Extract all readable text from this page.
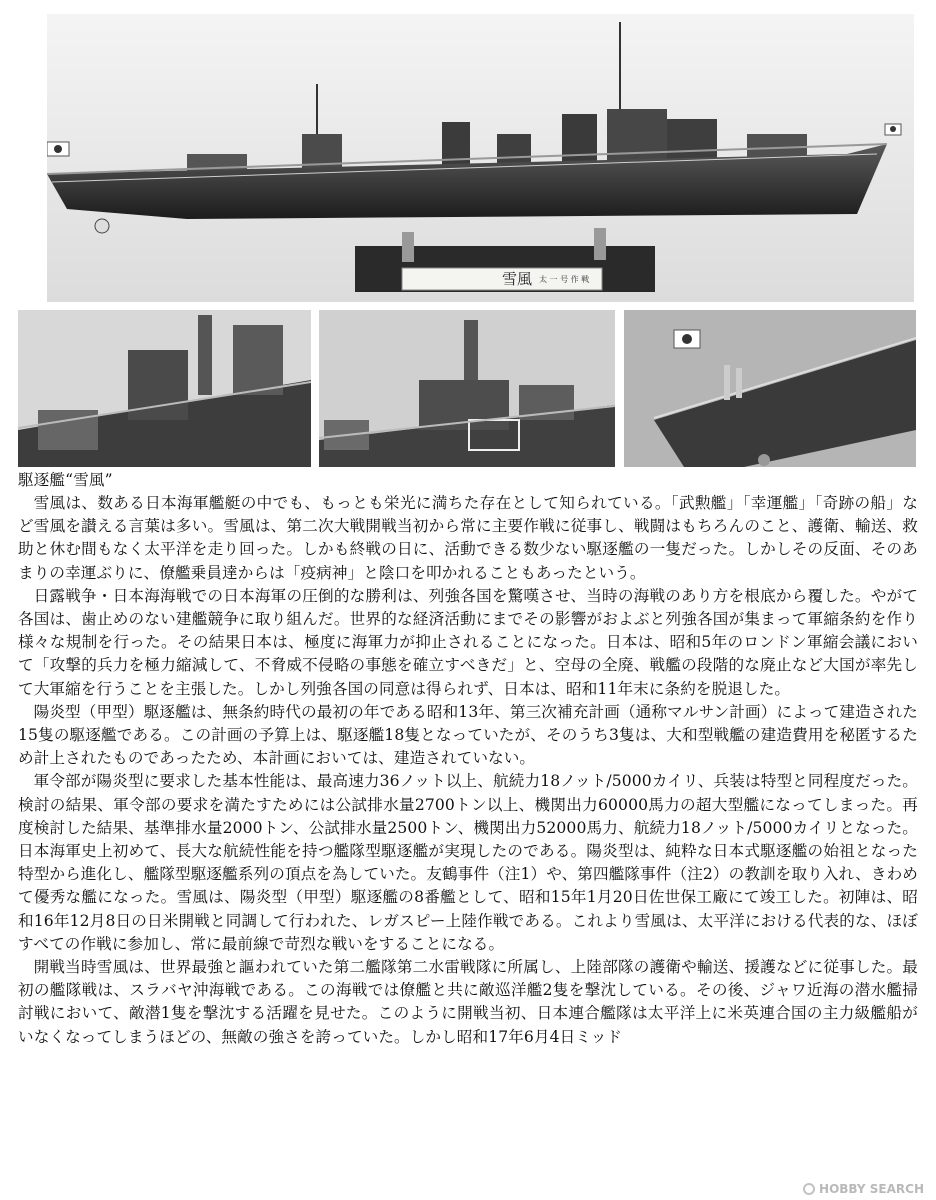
雪風 太 一 号 作 戦
駆逐艦“雪風”

雪風は、数ある日本海軍艦艇の中でも、もっとも栄光に満ちた存在として知られている。「武勲艦」「幸運艦」「奇跡の船」など雪風を讃える言葉は多い。雪風は、第二次大戦開戦当初から常に主要作戦に従事し、戦闘はもちろんのこと、護衛、輸送、救助と休む間もなく太平洋を走り回った。しかも終戦の日に、活動できる数少ない駆逐艦の一隻だった。しかしその反面、そのあまりの幸運ぶりに、僚艦乗員達からは「疫病神」と陰口を叩かれることもあったという。

日露戦争・日本海海戦での日本海軍の圧倒的な勝利は、列強各国を驚嘆させ、当時の海戦のあり方を根底から覆した。やがて各国は、歯止めのない建艦競争に取り組んだ。世界的な経済活動にまでその影響がおよぶと列強各国が集まって軍縮条約を作り様々な規制を行った。その結果日本は、極度に海軍力が抑止されることになった。日本は、昭和5年のロンドン軍縮会議において「攻撃的兵力を極力縮減して、不脅威不侵略の事態を確立すべきだ」と、空母の全廃、戦艦の段階的な廃止など大国が率先して大軍縮を行うことを主張した。しかし列強各国の同意は得られず、日本は、昭和11年末に条約を脱退した。

陽炎型（甲型）駆逐艦は、無条約時代の最初の年である昭和13年、第三次補充計画（通称マルサン計画）によって建造された15隻の駆逐艦である。この計画の予算上は、駆逐艦18隻となっていたが、そのうち3隻は、大和型戦艦の建造費用を秘匿するため計上されたものであったため、本計画においては、建造されていない。

軍令部が陽炎型に要求した基本性能は、最高速力36ノット以上、航続力18ノット/5000カイリ、兵装は特型と同程度だった。検討の結果、軍令部の要求を満たすためには公試排水量2700トン以上、機関出力60000馬力の超大型艦になってしまった。再度検討した結果、基準排水量2000トン、公試排水量2500トン、機関出力52000馬力、航続力18ノット/5000カイリとなった。日本海軍史上初めて、長大な航続性能を持つ艦隊型駆逐艦が実現したのである。陽炎型は、純粋な日本式駆逐艦の始祖となった特型から進化し、艦隊型駆逐艦系列の頂点を為していた。友鶴事件（注1）や、第四艦隊事件（注2）の教訓を取り入れ、きわめて優秀な艦になった。雪風は、陽炎型（甲型）駆逐艦の8番艦として、昭和15年1月20日佐世保工廠にて竣工した。初陣は、昭和16年12月8日の日米開戦と同調して行われた、レガスピー上陸作戦である。これより雪風は、太平洋における代表的な、ほぼすべての作戦に参加し、常に最前線で苛烈な戦いをすることになる。

開戦当時雪風は、世界最強と謳われていた第二艦隊第二水雷戦隊に所属し、上陸部隊の護衛や輸送、援護などに従事した。最初の艦隊戦は、スラバヤ沖海戦である。この海戦では僚艦と共に敵巡洋艦2隻を撃沈している。その後、ジャワ近海の潜水艦掃討戦において、敵潜1隻を撃沈する活躍を見せた。このように開戦当初、日本連合艦隊は太平洋上に米英連合国の主力級艦船がいなくなってしまうほどの、無敵の強さを誇っていた。しかし昭和17年6月4日ミッド

HOBBY SEARCH
